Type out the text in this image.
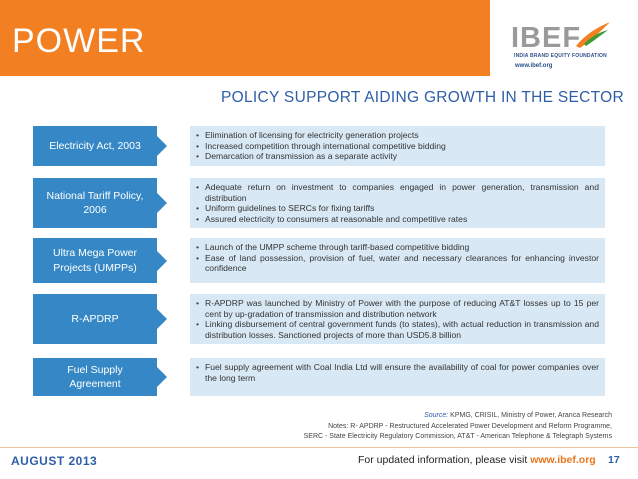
POWER	IBEF
INDIA BRAND EQUITY FOUNDATION
www.ibef.org
POLICY SUPPORT AIDING GROWTH IN THE SECTOR
Electricity Act, 2003
• Elimination of licensing for electricity generation projects
• Increased competition through international competitive bidding
• Demarcation of transmission as a separate activity
National Tariff Policy, 2006
• Adequate return on investment to companies engaged in power generation, transmission and distribution
• Uniform guidelines to SERCs for fixing tariffs
• Assured electricity to consumers at reasonable and competitive rates
Ultra Mega Power Projects (UMPPs)
• Launch of the UMPP scheme through tariff-based competitive bidding
• Ease of land possession, provision of fuel, water and necessary clearances for enhancing investor confidence
R-APDRP
• R-APDRP was launched by Ministry of Power with the purpose of reducing AT&T losses up to 15 per cent by up-gradation of transmission and distribution network
• Linking disbursement of central government funds (to states), with actual reduction in transmission and distribution losses. Sanctioned projects of more than USD5.8 billion
Fuel Supply Agreement
• Fuel supply agreement with Coal India Ltd will ensure the availability of coal for power companies over the long term
Source: KPMG, CRISIL, Ministry of Power, Aranca Research
Notes: R- APDRP - Restructured Accelerated Power Development and Reform Programme,
SERC - State Electricity Regulatory Commission, AT&T - American Telephone & Telegraph Systems
AUGUST 2013	For updated information, please visit www.ibef.org 17
